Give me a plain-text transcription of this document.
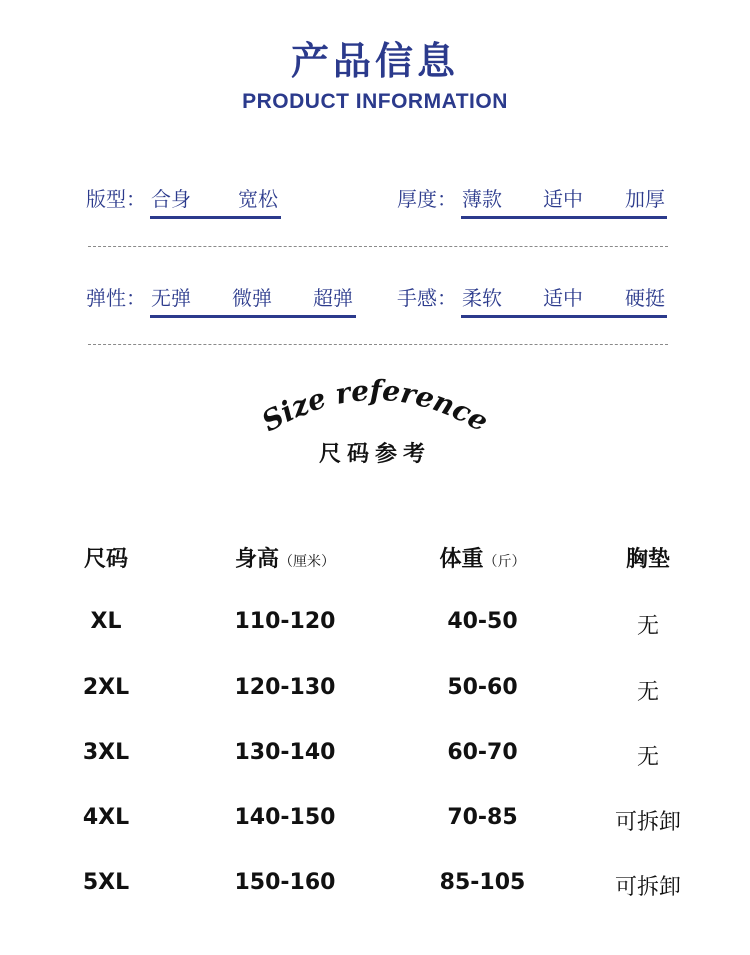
产品信息
PRODUCT INFORMATION
版型： 合身 宽松	厚度： 薄款 适中 加厚
弹性： 无弹 微弹 超弹 手感： 柔软 适中 硬挺
Size reference
尺码参考
尺码	身高（厘米）	体重（斤）	胸垫
XL	110-120	40-50	无
2XL	120-130	50-60	无
3XL	130-140	60-70	无
4XL	140-150	70-85	可拆卸
5XL	150-160	85-105	可拆卸
